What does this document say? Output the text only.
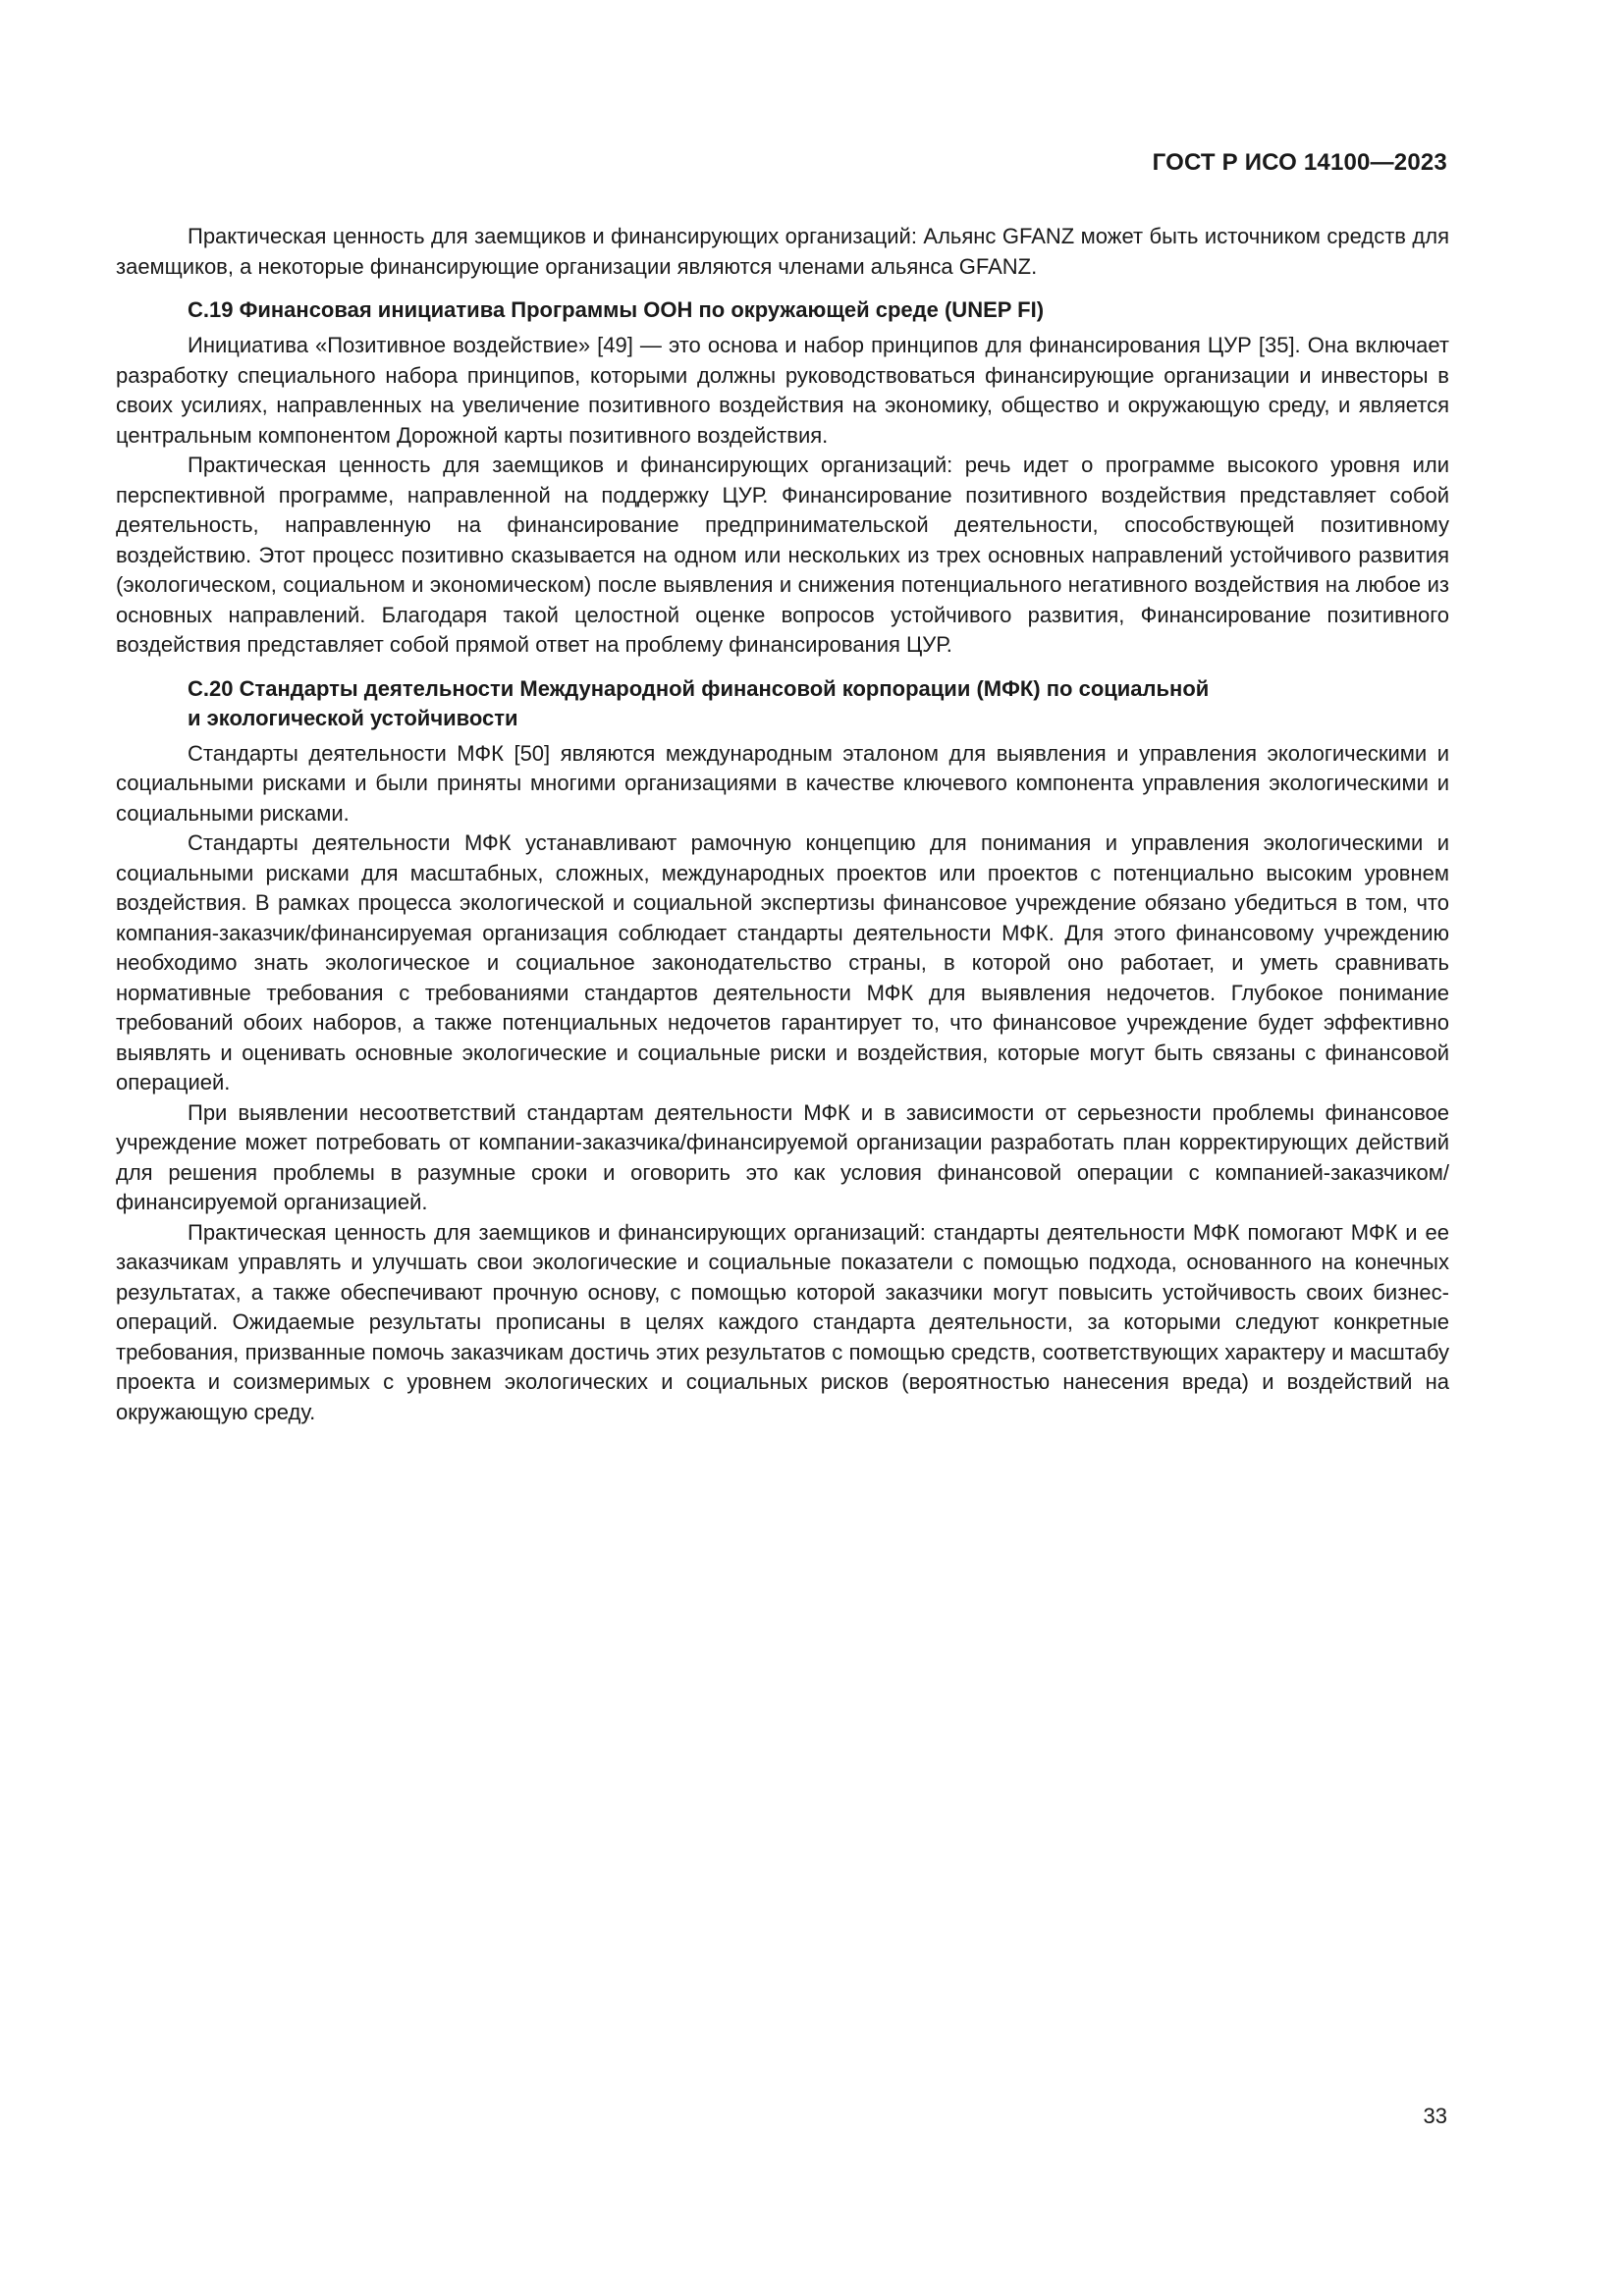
ГОСТ Р ИСО 14100—2023

Практическая ценность для заемщиков и финансирующих организаций: Альянс GFANZ может быть источником средств для заемщиков, а некоторые финансирующие организации являются членами альянса GFANZ.

С.19 Финансовая инициатива Программы ООН по окружающей среде (UNEP FI)

Инициатива «Позитивное воздействие» [49] — это основа и набор принципов для финансирования ЦУР [35]. Она включает разработку специального набора принципов, которыми должны руководствоваться финансирующие организации и инвесторы в своих усилиях, направленных на увеличение позитивного воздействия на экономику, общество и окружающую среду, и является центральным компонентом Дорожной карты позитивного воздействия.

Практическая ценность для заемщиков и финансирующих организаций: речь идет о программе высокого уровня или перспективной программе, направленной на поддержку ЦУР. Финансирование позитивного воздействия представляет собой деятельность, направленную на финансирование предпринимательской деятельности, способствующей позитивному воздействию. Этот процесс позитивно сказывается на одном или нескольких из трех основных направлений устойчивого развития (экологическом, социальном и экономическом) после выявления и снижения потенциального негативного воздействия на любое из основных направлений. Благодаря такой целостной оценке вопросов устойчивого развития, Финансирование позитивного воздействия представляет собой прямой ответ на проблему финансирования ЦУР.

С.20 Стандарты деятельности Международной финансовой корпорации (МФК) по социальной
и экологической устойчивости

Стандарты деятельности МФК [50] являются международным эталоном для выявления и управления экологическими и социальными рисками и были приняты многими организациями в качестве ключевого компонента управления экологическими и социальными рисками.

Стандарты деятельности МФК устанавливают рамочную концепцию для понимания и управления экологическими и социальными рисками для масштабных, сложных, международных проектов или проектов с потенциально высоким уровнем воздействия. В рамках процесса экологической и социальной экспертизы финансовое учреждение обязано убедиться в том, что компания-заказчик/финансируемая организация соблюдает стандарты деятельности МФК. Для этого финансовому учреждению необходимо знать экологическое и социальное законодательство страны, в которой оно работает, и уметь сравнивать нормативные требования с требованиями стандартов деятельности МФК для выявления недочетов. Глубокое понимание требований обоих наборов, а также потенциальных недочетов гарантирует то, что финансовое учреждение будет эффективно выявлять и оценивать основные экологические и социальные риски и воздействия, которые могут быть связаны с финансовой операцией.

При выявлении несоответствий стандартам деятельности МФК и в зависимости от серьезности проблемы финансовое учреждение может потребовать от компании-заказчика/финансируемой организации разработать план корректирующих действий для решения проблемы в разумные сроки и оговорить это как условия финансовой операции с компанией-заказчиком/финансируемой организацией.

Практическая ценность для заемщиков и финансирующих организаций: стандарты деятельности МФК помогают МФК и ее заказчикам управлять и улучшать свои экологические и социальные показатели с помощью подхода, основанного на конечных результатах, а также обеспечивают прочную основу, с помощью которой заказчики могут повысить устойчивость своих бизнес-операций. Ожидаемые результаты прописаны в целях каждого стандарта деятельности, за которыми следуют конкретные требования, призванные помочь заказчикам достичь этих результатов с помощью средств, соответствующих характеру и масштабу проекта и соизмеримых с уровнем экологических и социальных рисков (вероятностью нанесения вреда) и воздействий на окружающую среду.

33
